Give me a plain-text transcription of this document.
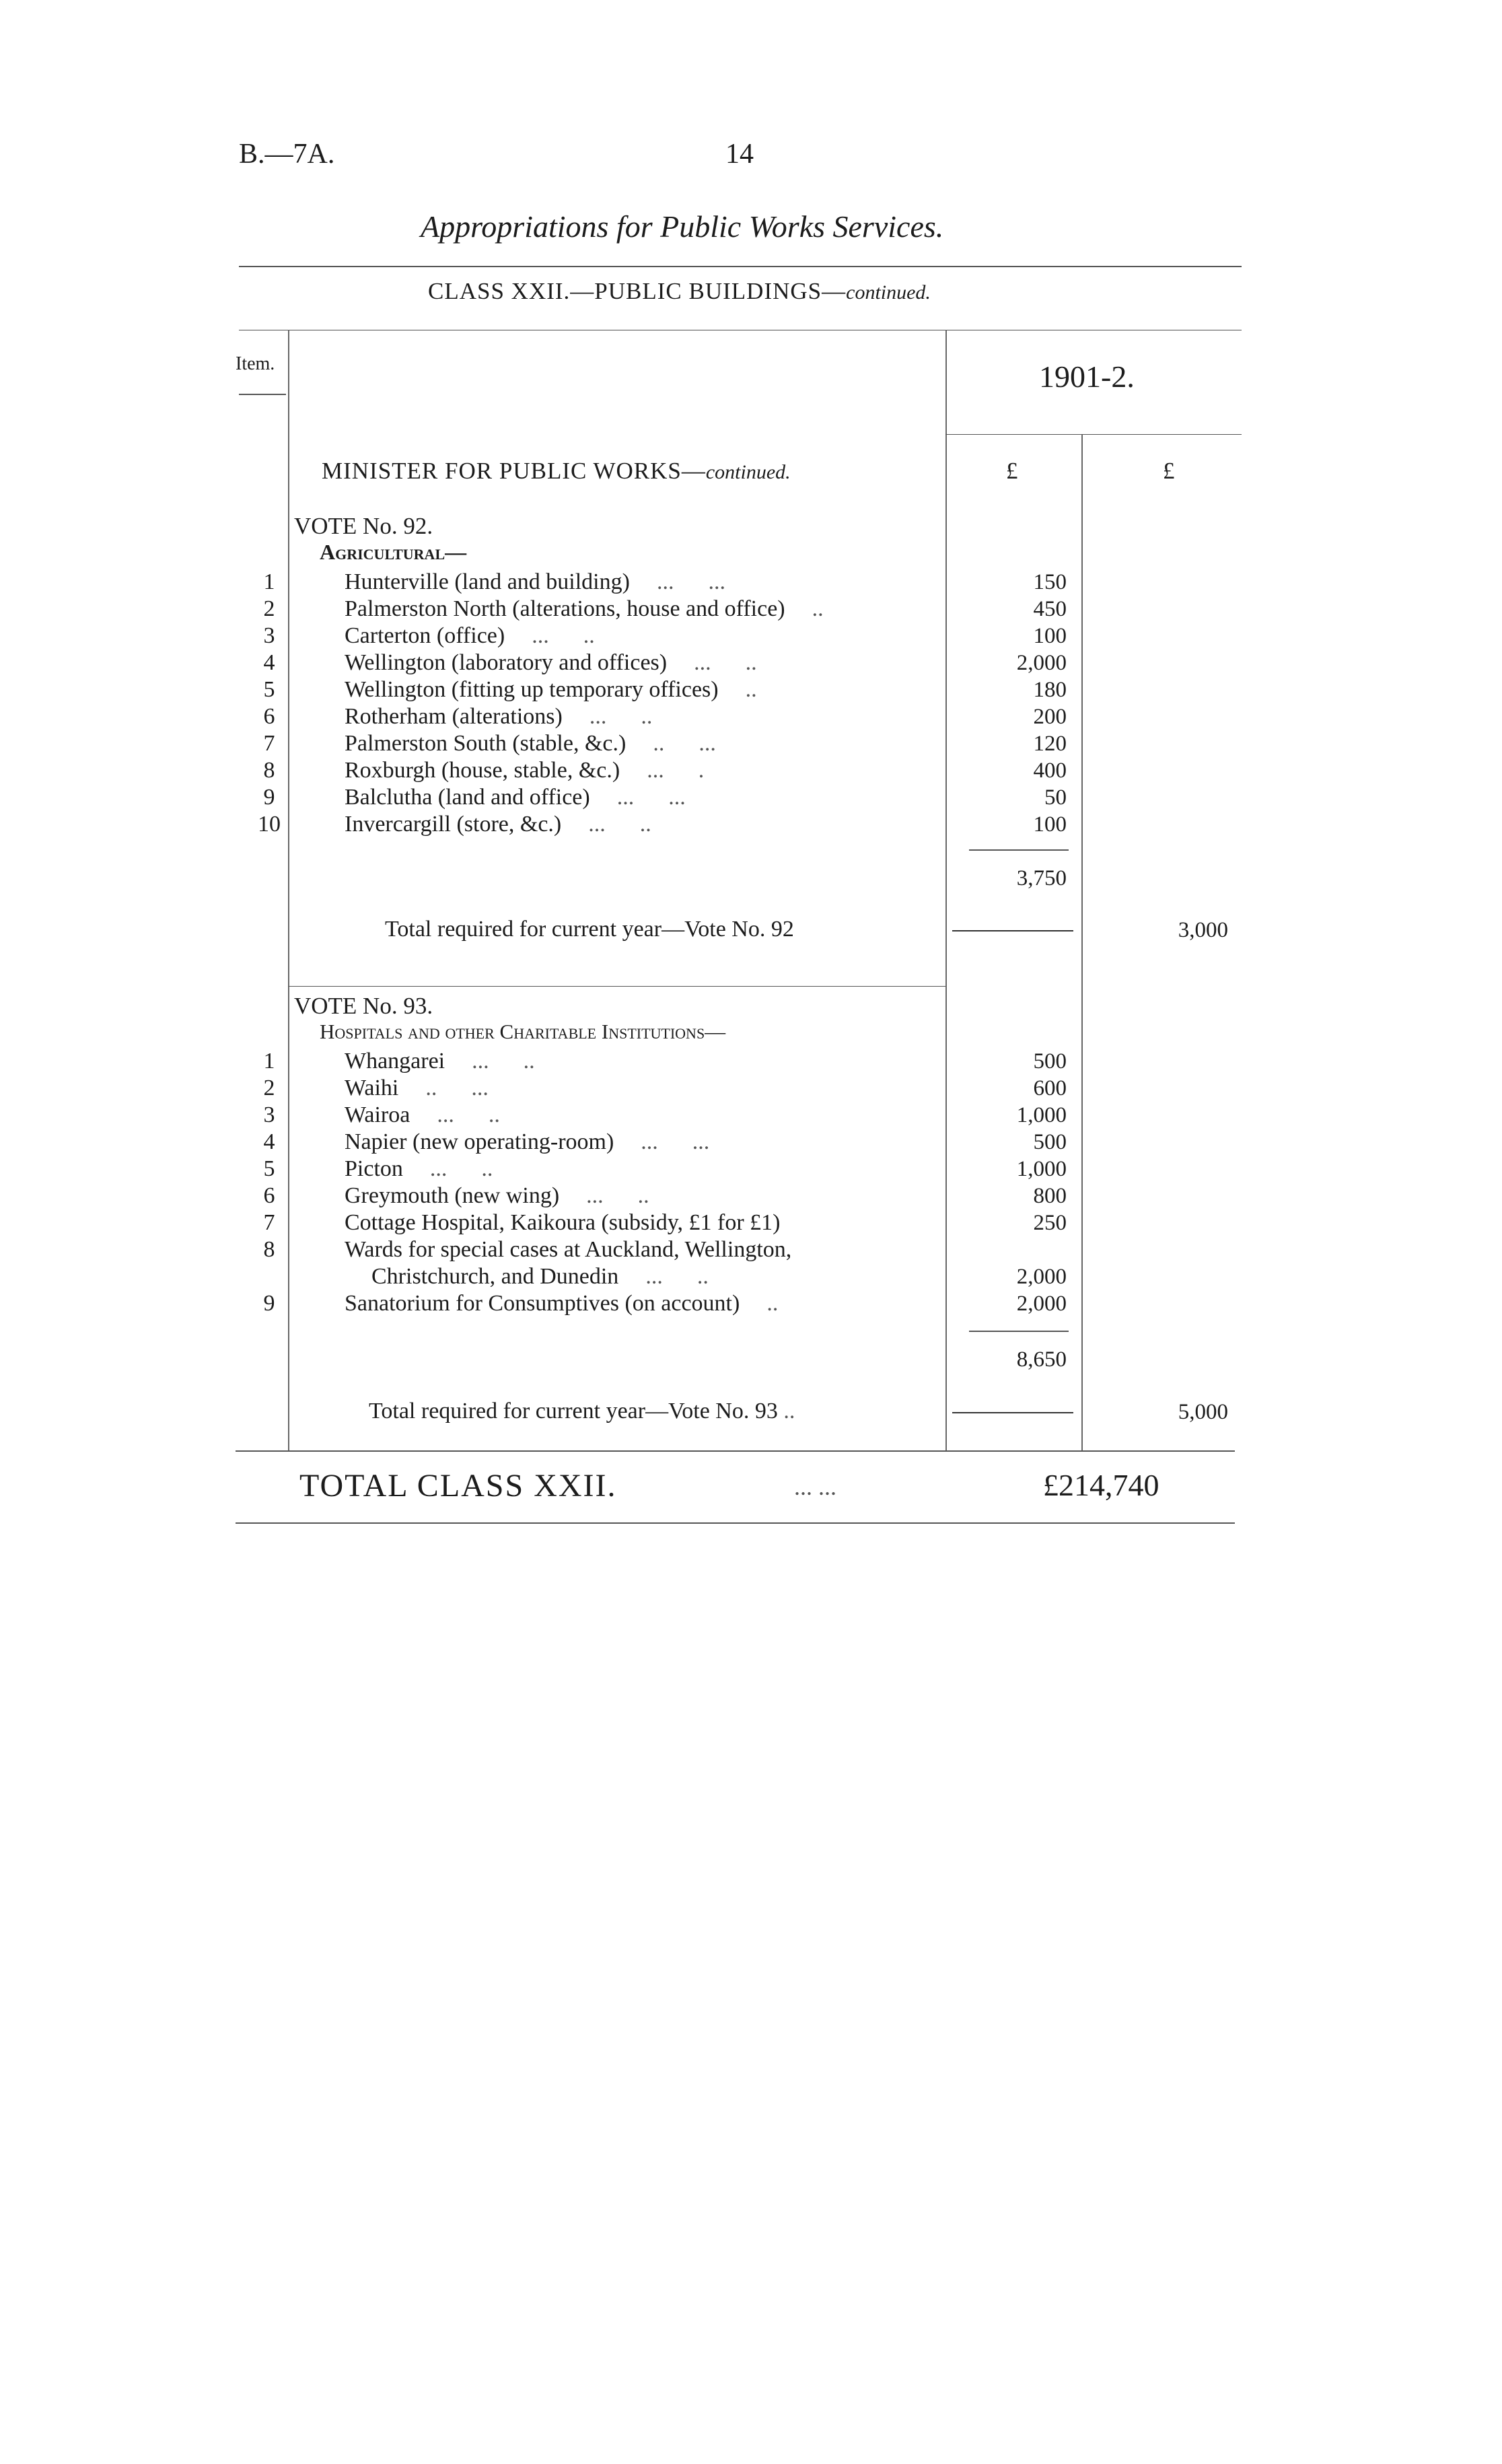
B.—7A.	14
Appropriations for Public Works Services.
CLASS XXII.—PUBLIC BUILDINGS—continued.
Item.	1901-2.
MINISTER FOR PUBLIC WORKS—continued.	£	£
VOTE No. 92.
Agricultural—
1	Hunterville (land and building) ...      ...	150
2	Palmerston North (alterations, house and office) ..	450
3	Carterton (office) ...      ..	100
4	Wellington (laboratory and offices) ...      ..	2,000
5	Wellington (fitting up temporary offices) ..	180
6	Rotherham (alterations) ...      ..	200
7	Palmerston South (stable, &c.) ..      ...	120
8	Roxburgh (house, stable, &c.) ...      .	400
9	Balclutha (land and office) ...      ...	50
10	Invercargill (store, &c.) ...      ..	100
3,750
Total required for current year—Vote No. 92	3,000
VOTE No. 93.
Hospitals and other Charitable Institutions—
1	Whangarei ...      ..	500
2	Waihi ..      ...	600
3	Wairoa ...      ..	1,000
4	Napier (new operating-room) ...      ...	500
5	Picton ...      ..	1,000
6	Greymouth (new wing) ...      ..	800
7	Cottage Hospital, Kaikoura (subsidy, £1 for £1)	250
8	Wards for special cases at Auckland, Wellington,
Christchurch, and Dunedin ...      ..	2,000
9	Sanatorium for Consumptives (on account) ..	2,000
8,650
Total required for current year—Vote No. 93 ..	5,000
TOTAL CLASS XXII.	... ...	£214,740
